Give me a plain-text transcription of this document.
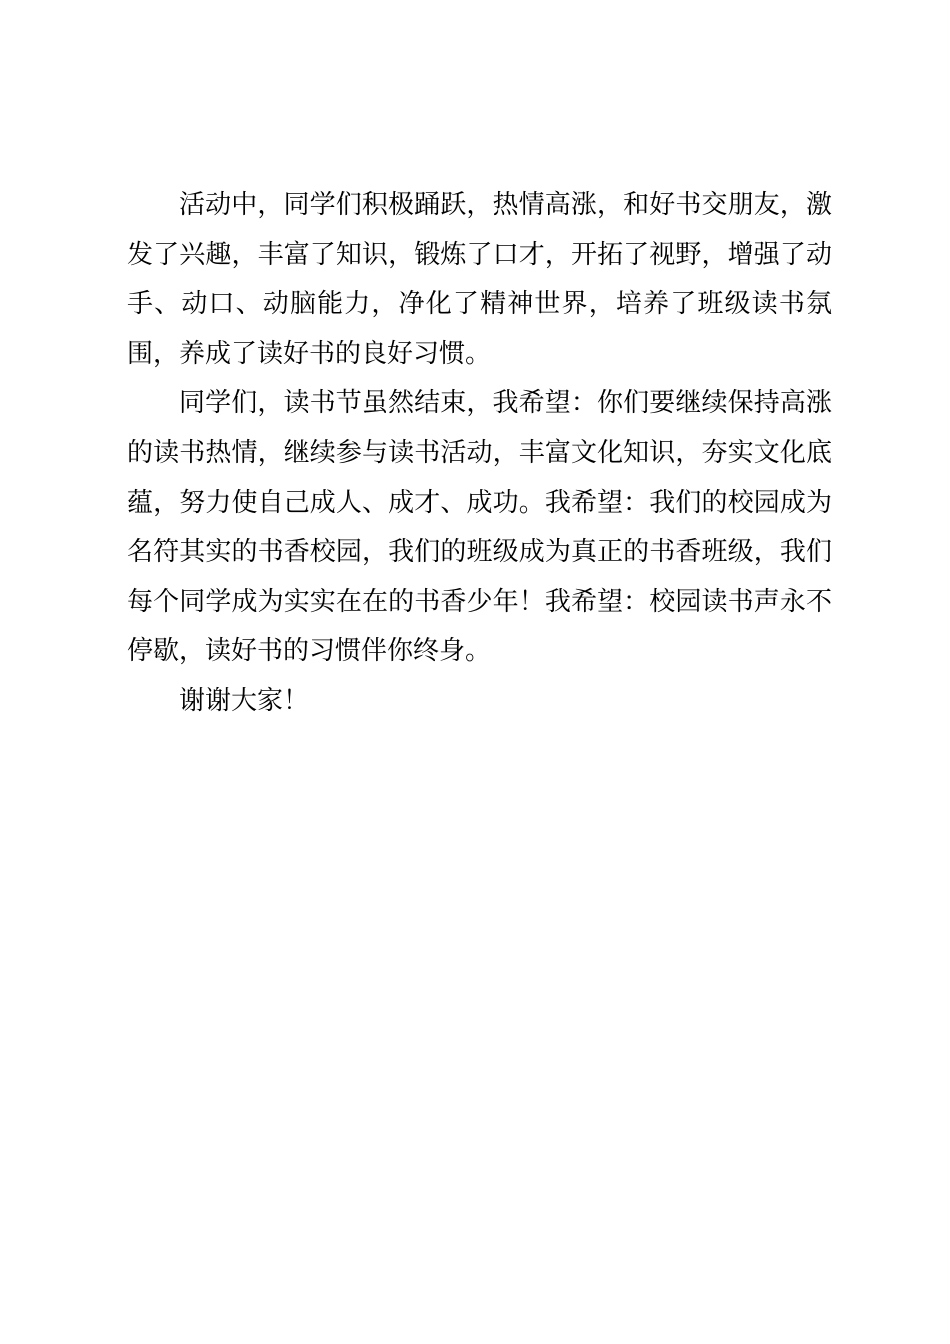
活动中，同学们积极踊跃，热情高涨，和好书交朋友，激发了兴趣，丰富了知识，锻炼了口才，开拓了视野，增强了动手、动口、动脑能力，净化了精神世界，培养了班级读书氛围，养成了读好书的良好习惯。

同学们，读书节虽然结束，我希望：你们要继续保持高涨的读书热情，继续参与读书活动，丰富文化知识，夯实文化底蕴，努力使自己成人、成才、成功。我希望：我们的校园成为名符其实的书香校园，我们的班级成为真正的书香班级，我们每个同学成为实实在在的书香少年！我希望：校园读书声永不停歇，读好书的习惯伴你终身。

谢谢大家！
